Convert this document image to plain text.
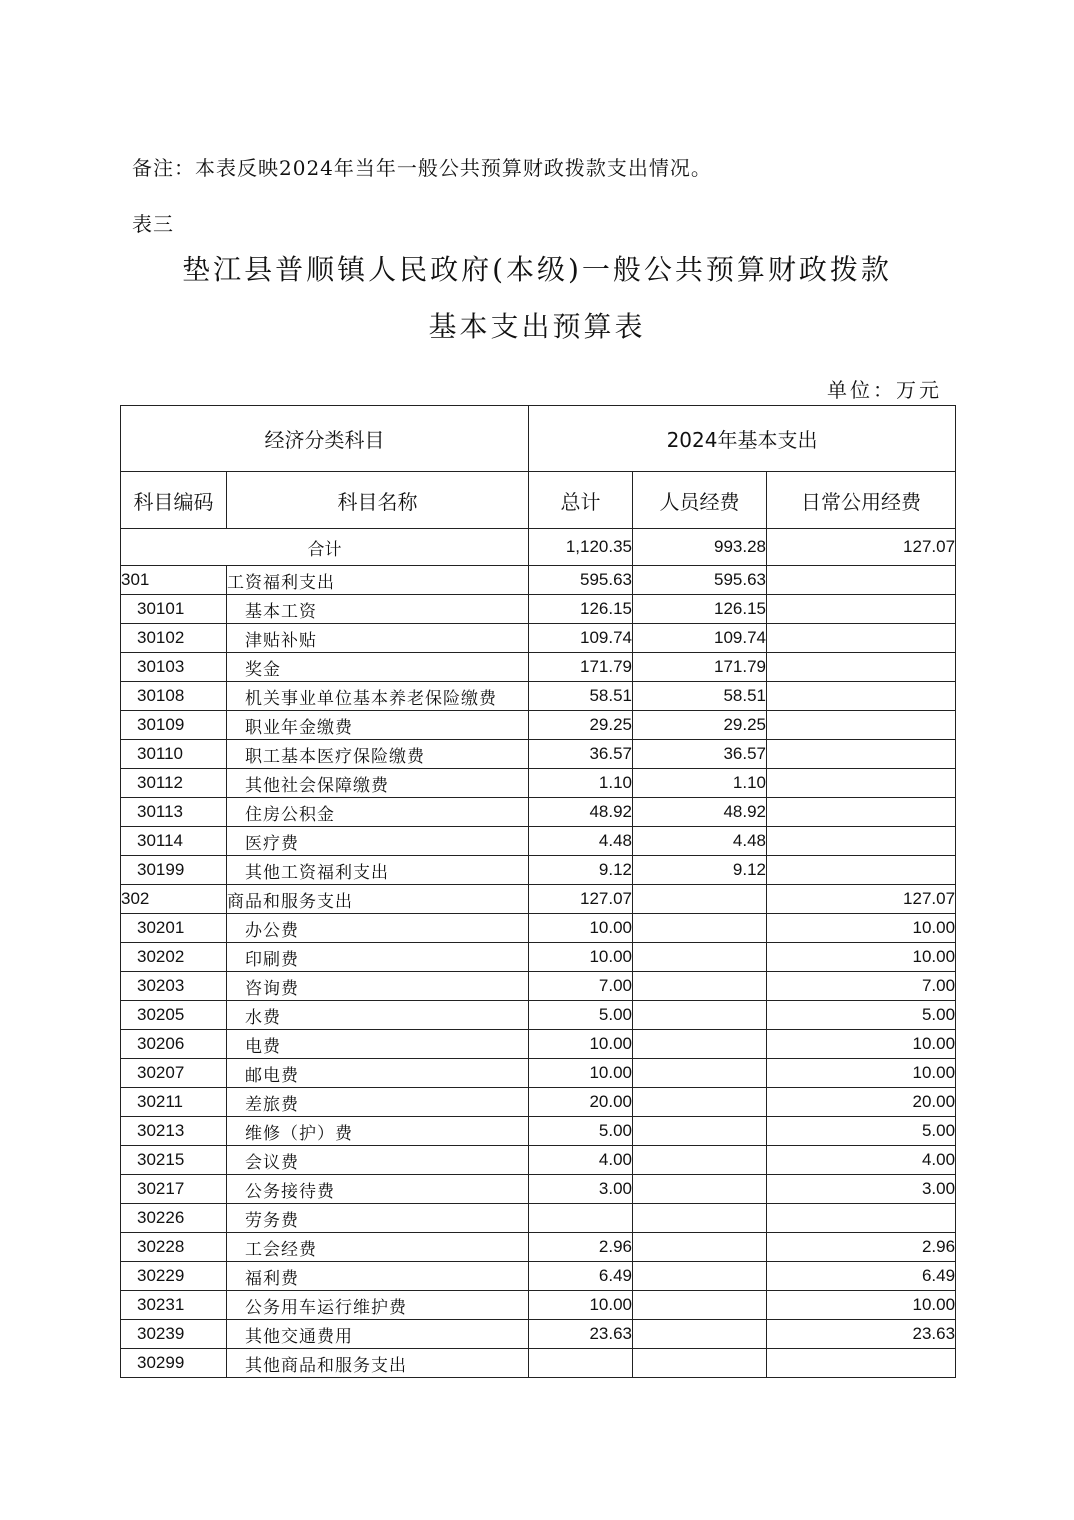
备注：本表反映2024年当年一般公共预算财政拨款支出情况。
表三
垫江县普顺镇人民政府(本级)一般公共预算财政拨款
基本支出预算表
单位：万元
经济分类科目		2024年基本支出		
科目编码	科目名称	总计	人员经费	日常公用经费
合计		1,120.35	993.28	127.07
301	工资福利支出	595.63	595.63	
30101	基本工资	126.15	126.15	
30102	津贴补贴	109.74	109.74	
30103	奖金	171.79	171.79	
30108	机关事业单位基本养老保险缴费	58.51	58.51	
30109	职业年金缴费	29.25	29.25	
30110	职工基本医疗保险缴费	36.57	36.57	
30112	其他社会保障缴费	1.10	1.10	
30113	住房公积金	48.92	48.92	
30114	医疗费	4.48	4.48	
30199	其他工资福利支出	9.12	9.12	
302	商品和服务支出	127.07		127.07
30201	办公费	10.00		10.00
30202	印刷费	10.00		10.00
30203	咨询费	7.00		7.00
30205	水费	5.00		5.00
30206	电费	10.00		10.00
30207	邮电费	10.00		10.00
30211	差旅费	20.00		20.00
30213	维修（护）费	5.00		5.00
30215	会议费	4.00		4.00
30217	公务接待费	3.00		3.00
30226	劳务费			
30228	工会经费	2.96		2.96
30229	福利费	6.49		6.49
30231	公务用车运行维护费	10.00		10.00
30239	其他交通费用	23.63		23.63
30299	其他商品和服务支出			
